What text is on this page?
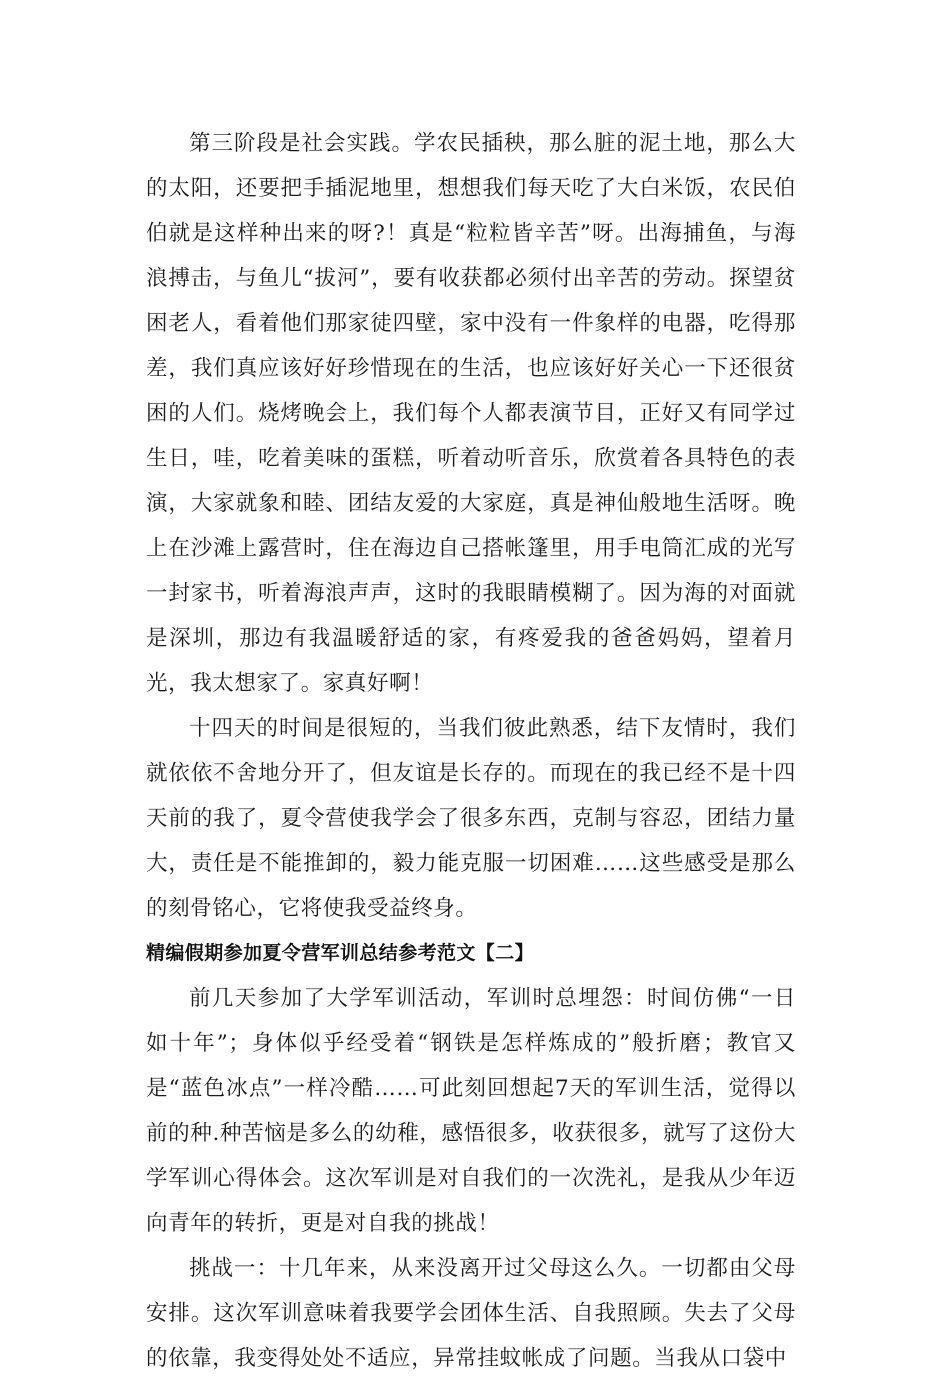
第三阶段是社会实践。学农民插秧，那么脏的泥土地，那么大的太阳，还要把手插泥地里，想想我们每天吃了大白米饭，农民伯伯就是这样种出来的呀?！真是“粒粒皆辛苦”呀。出海捕鱼，与海浪搏击，与鱼儿“拔河”，要有收获都必须付出辛苦的劳动。探望贫困老人，看着他们那家徒四壁，家中没有一件象样的电器，吃得那差，我们真应该好好珍惜现在的生活，也应该好好关心一下还很贫困的人们。烧烤晚会上，我们每个人都表演节目，正好又有同学过生日，哇，吃着美味的蛋糕，听着动听音乐，欣赏着各具特色的表演，大家就象和睦、团结友爱的大家庭，真是神仙般地生活呀。晚上在沙滩上露营时，住在海边自己搭帐篷里，用手电筒汇成的光写一封家书，听着海浪声声，这时的我眼睛模糊了。因为海的对面就是深圳，那边有我温暖舒适的家，有疼爱我的爸爸妈妈，望着月光，我太想家了。家真好啊！

十四天的时间是很短的，当我们彼此熟悉，结下友情时，我们就依依不舍地分开了，但友谊是长存的。而现在的我已经不是十四天前的我了，夏令营使我学会了很多东西，克制与容忍，团结力量大，责任是不能推卸的，毅力能克服一切困难……这些感受是那么的刻骨铭心，它将使我受益终身。

精编假期参加夏令营军训总结参考范文【二】

前几天参加了大学军训活动，军训时总埋怨：时间仿佛“一日如十年”；身体似乎经受着“钢铁是怎样炼成的”般折磨；教官又是“蓝色冰点”一样冷酷……可此刻回想起7天的军训生活，觉得以前的种.种苦恼是多么的幼稚，感悟很多，收获很多，就写了这份大学军训心得体会。这次军训是对自我们的一次洗礼，是我从少年迈向青年的转折，更是对自我的挑战！

挑战一：十几年来，从来没离开过父母这么久。一切都由父母安排。这次军训意味着我要学会团体生活、自我照顾。失去了父母的依靠，我变得处处不适应，异常挂蚊帐成了问题。当我从口袋中
